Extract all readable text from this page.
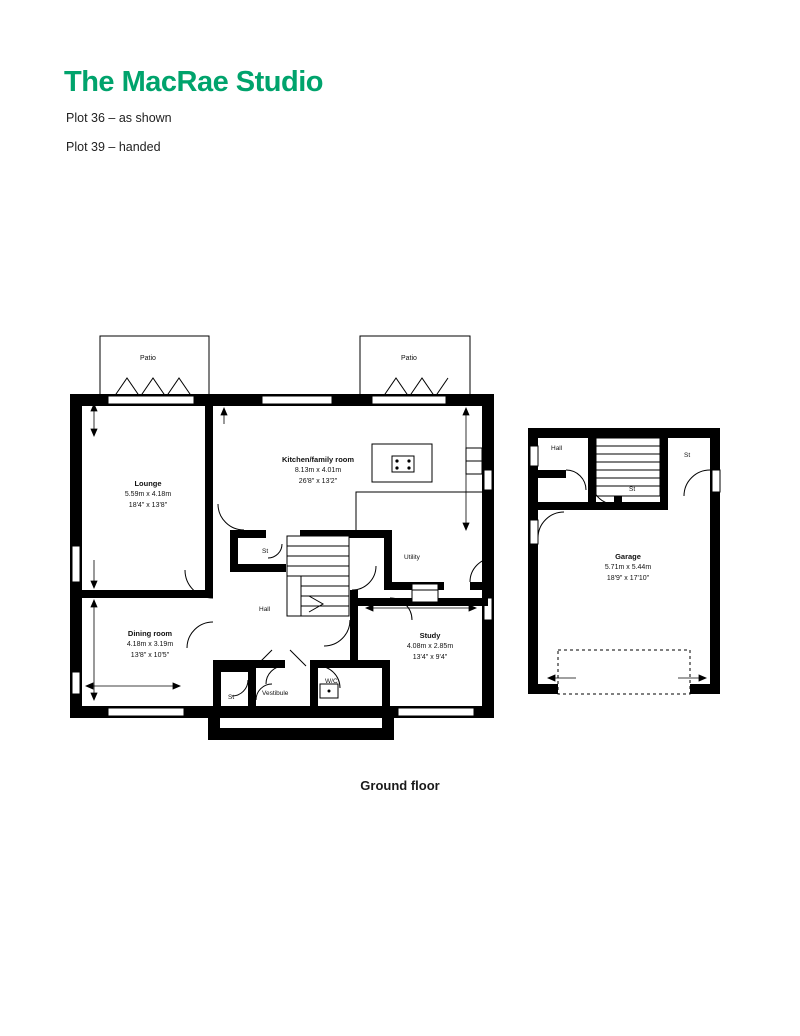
The MacRae Studio
Plot 36 – as shown
Plot 39 – handed
Patio	Patio
Lounge
5.59m x 4.18m
18'4" x 13'8"
Kitchen/family room
8.13m x 4.01m
26'8" x 13'2"
Dining room
4.18m x 3.19m
13'8" x 10'5"
Study
4.08m x 2.85m
13'4" x 9'4"
Garage
5.71m x 5.44m
18'9" x 17'10"
Hall
Vestibule
W/C
Utility
St
St
Hall
St
St
Ground floor
